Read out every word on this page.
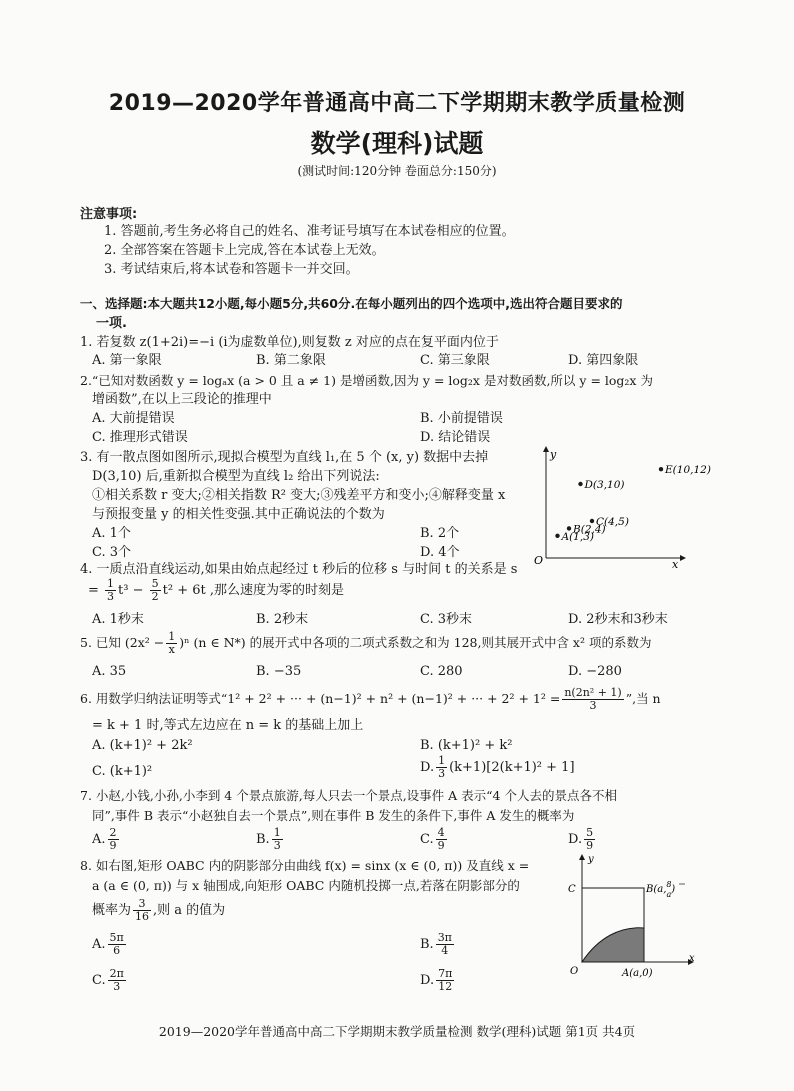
2019—2020学年普通高中高二下学期期末教学质量检测
数学(理科)试题
(测试时间:120分钟 卷面总分:150分)
注意事项:
1. 答题前,考生务必将自己的姓名、准考证号填写在本试卷相应的位置。
2. 全部答案在答题卡上完成,答在本试卷上无效。
3. 考试结束后,将本试卷和答题卡一并交回。
一、选择题:本大题共12小题,每小题5分,共60分.在每小题列出的四个选项中,选出符合题目要求的
一项.
1. 若复数 z(1+2i)=−i (i为虚数单位),则复数 z 对应的点在复平面内位于
A. 第一象限	B. 第二象限	C. 第三象限	D. 第四象限
2.“已知对数函数 y = logₐx (a > 0 且 a ≠ 1) 是增函数,因为 y = log₂x 是对数函数,所以 y = log₂x 为
增函数”,在以上三段论的推理中
A. 大前提错误	B. 小前提错误
C. 推理形式错误	D. 结论错误
3. 有一散点图如图所示,现拟合模型为直线 l₁,在 5 个 (x, y) 数据中去掉
D(3,10) 后,重新拟合模型为直线 l₂ 给出下列说法:
①相关系数 r 变大;②相关指数 R² 变大;③残差平方和变小;④解释变量 x
与预报变量 y 的相关性变强.其中正确说法的个数为
A. 1个	B. 2个
C. 3个	D. 4个
x
y
O
A(1,3)
B(2,4)
C(4,5)
D(3,10)
E(10,12)
4. 一质点沿直线运动,如果由始点起经过 t 秒后的位移 s 与时间 t 的关系是 s
= $\frac{1}{3} t^3 - \frac{5}{2} t^2 + 6t$ ,那么速度为零的时刻是
A. 1秒末	B. 2秒末	C. 3秒末	D. 2秒末和3秒末
5. 已知 $(2x^2 - \frac{1}{x} )^n$ (n ∈ N*) 的展开式中各项的二项式系数之和为 128,则其展开式中含 x² 项的系数为
A. 35	B. −35	C. 280	D. −280
6. 用数学归纳法证明等式“1² + 2² + ··· + (n−1)² + n² + (n−1)² + ··· + $2^2 + 1^2 = \frac{\text{n(2n² + 1)}}{3}$ ”,当 n
= k + 1 时,等式左边应在 n = k 的基础上加上
A. (k+1)² + 2k²	B. (k+1)² + k²
C. (k+1)²	D. $\frac{1}{3} (k+1)[2(k+1)^2 + 1]$
7. 小赵,小钱,小孙,小李到 4 个景点旅游,每人只去一个景点,设事件 A 表示“4 个人去的景点各不相
同”,事件 B 表示“小赵独自去一个景点”,则在事件 B 发生的条件下,事件 A 发生的概率为
A. $\frac{2}{9}$	B. $\frac{1}{3}$	C. $\frac{4}{9}$	D. $\frac{5}{9}$
8. 如右图,矩形 OABC 内的阴影部分由曲线 f(x) = sinx (x ∈ (0, π)) 及直线 x =
a (a ∈ (0, π)) 与 x 轴围成,向矩形 OABC 内随机投掷一点,若落在阴影部分的
概率为 $\frac{3}{16}$ ,则 a 的值为
A. $\frac{5\pi}{6}$	B. $\frac{3\pi}{4}$
C. $\frac{2\pi}{3}$	D. $\frac{7\pi}{12}$
x
y
C
O	A(a,0)
B(a,$^8$ a)
2019—2020学年普通高中高二下学期期末教学质量检测 数学(理科)试题 第1页 共4页
